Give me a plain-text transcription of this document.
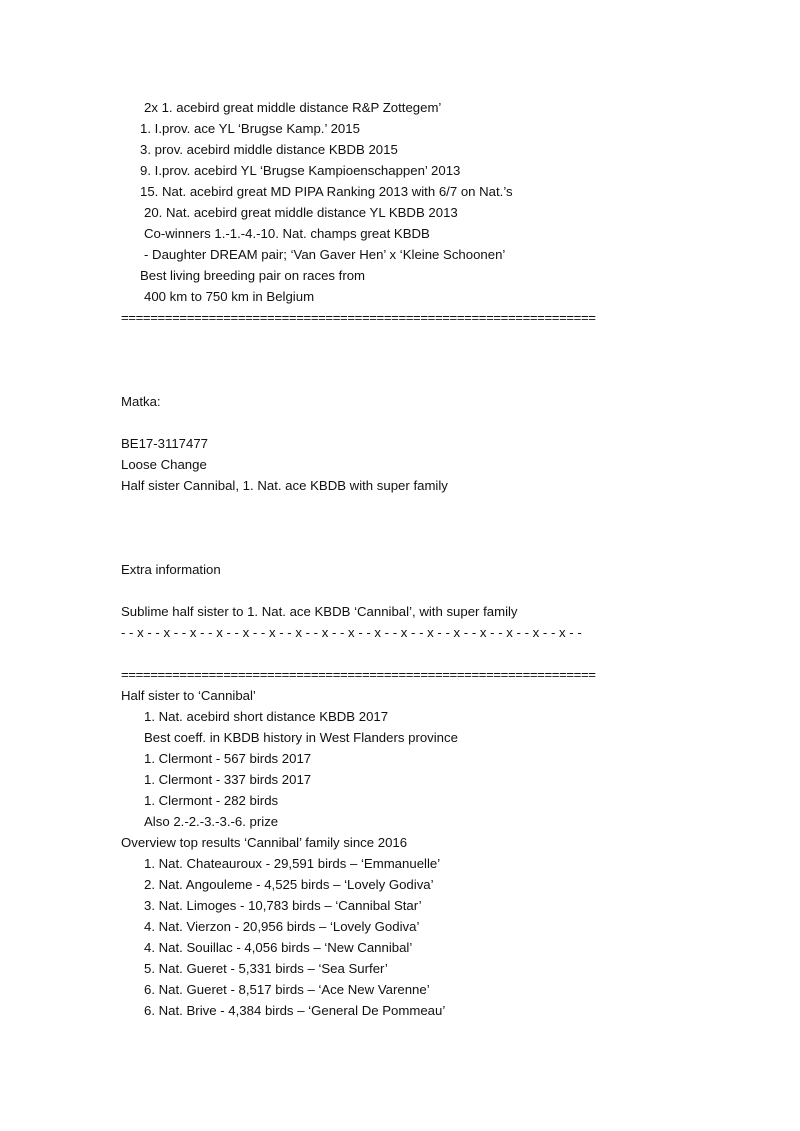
2x 1. acebird great middle distance R&P Zottegem’
1. I.prov. ace YL ‘Brugse Kamp.’ 2015
3. prov. acebird middle distance KBDB 2015
9. I.prov. acebird YL ‘Brugse Kampioenschappen’ 2013
15. Nat. acebird great MD PIPA Ranking 2013 with 6/7 on Nat.’s
20. Nat. acebird great middle distance YL KBDB 2013
Co-winners 1.-1.-4.-10. Nat. champs great KBDB
- Daughter DREAM pair; ‘Van Gaver Hen’ x ‘Kleine Schoonen’
Best living breeding pair on races from
400 km to 750 km in Belgium
=================================================================
Matka:
BE17-3117477
Loose Change
Half sister Cannibal, 1. Nat. ace KBDB with super family
Extra information
Sublime half sister to 1. Nat. ace KBDB ‘Cannibal’, with super family
- - x - - x - - x - - x - - x - - x - - x - - x - - x - - x - - x - - x - - x - - x - - x - - x - - x - -
=================================================================
Half sister to ‘Cannibal’
1. Nat. acebird short distance KBDB 2017
Best coeff. in KBDB history in West Flanders province
1. Clermont - 567 birds 2017
1. Clermont - 337 birds 2017
1. Clermont - 282 birds
Also 2.-2.-3.-3.-6. prize
Overview top results ‘Cannibal’ family since 2016
1. Nat. Chateauroux - 29,591 birds – ‘Emmanuelle’
2. Nat. Angouleme - 4,525 birds – ‘Lovely Godiva’
3. Nat. Limoges - 10,783 birds – ‘Cannibal Star’
4. Nat. Vierzon - 20,956 birds – ‘Lovely Godiva’
4. Nat. Souillac - 4,056 birds – ‘New Cannibal’
5. Nat. Gueret - 5,331 birds – ‘Sea Surfer’
6. Nat. Gueret - 8,517 birds – ‘Ace New Varenne’
6. Nat. Brive - 4,384 birds – ‘General De Pommeau’
